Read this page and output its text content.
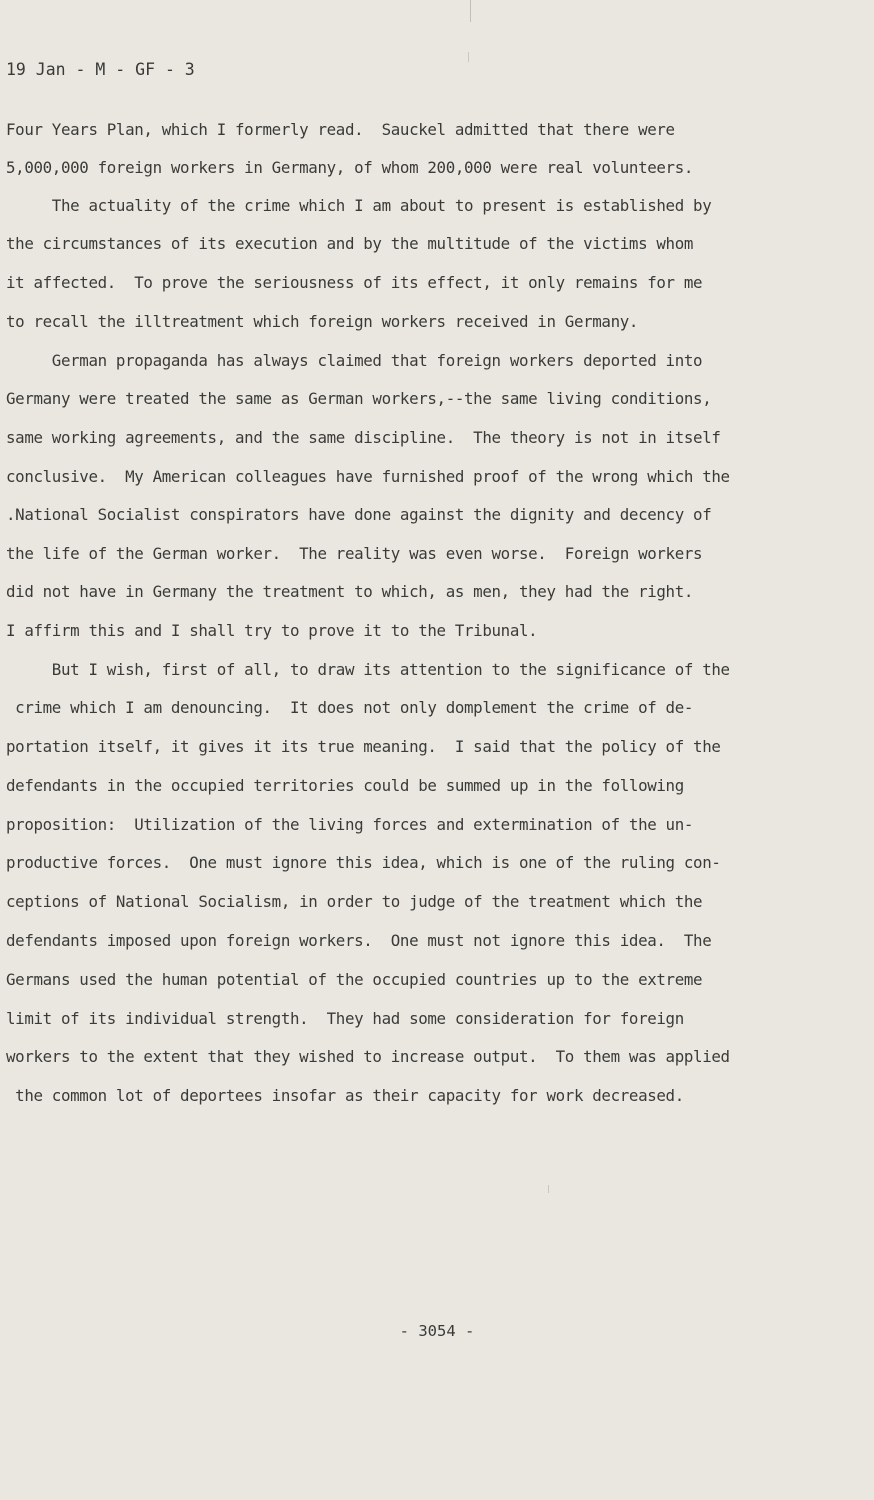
19 Jan - M - GF - 3
Four Years Plan, which I formerly read.  Sauckel admitted that there were
5,000,000 foreign workers in Germany, of whom 200,000 were real volunteers.
The actuality of the crime which I am about to present is established by
the circumstances of its execution and by the multitude of the victims whom
it affected.  To prove the seriousness of its effect, it only remains for me
to recall the illtreatment which foreign workers received in Germany.
German propaganda has always claimed that foreign workers deported into
Germany were treated the same as German workers,--the same living conditions,
same working agreements, and the same discipline.  The theory is not in itself
conclusive.  My American colleagues have furnished proof of the wrong which the
.National Socialist conspirators have done against the dignity and decency of
the life of the German worker.  The reality was even worse.  Foreign workers
did not have in Germany the treatment to which, as men, they had the right.
I affirm this and I shall try to prove it to the Tribunal.
But I wish, first of all, to draw its attention to the significance of the
crime which I am denouncing.  It does not only domplement the crime of de-
portation itself, it gives it its true meaning.  I said that the policy of the
defendants in the occupied territories could be summed up in the following
proposition:  Utilization of the living forces and extermination of the un-
productive forces.  One must ignore this idea, which is one of the ruling con-
ceptions of National Socialism, in order to judge of the treatment which the
defendants imposed upon foreign workers.  One must not ignore this idea.  The
Germans used the human potential of the occupied countries up to the extreme
limit of its individual strength.  They had some consideration for foreign
workers to the extent that they wished to increase output.  To them was applied
the common lot of deportees insofar as their capacity for work decreased.
- 3054 -
